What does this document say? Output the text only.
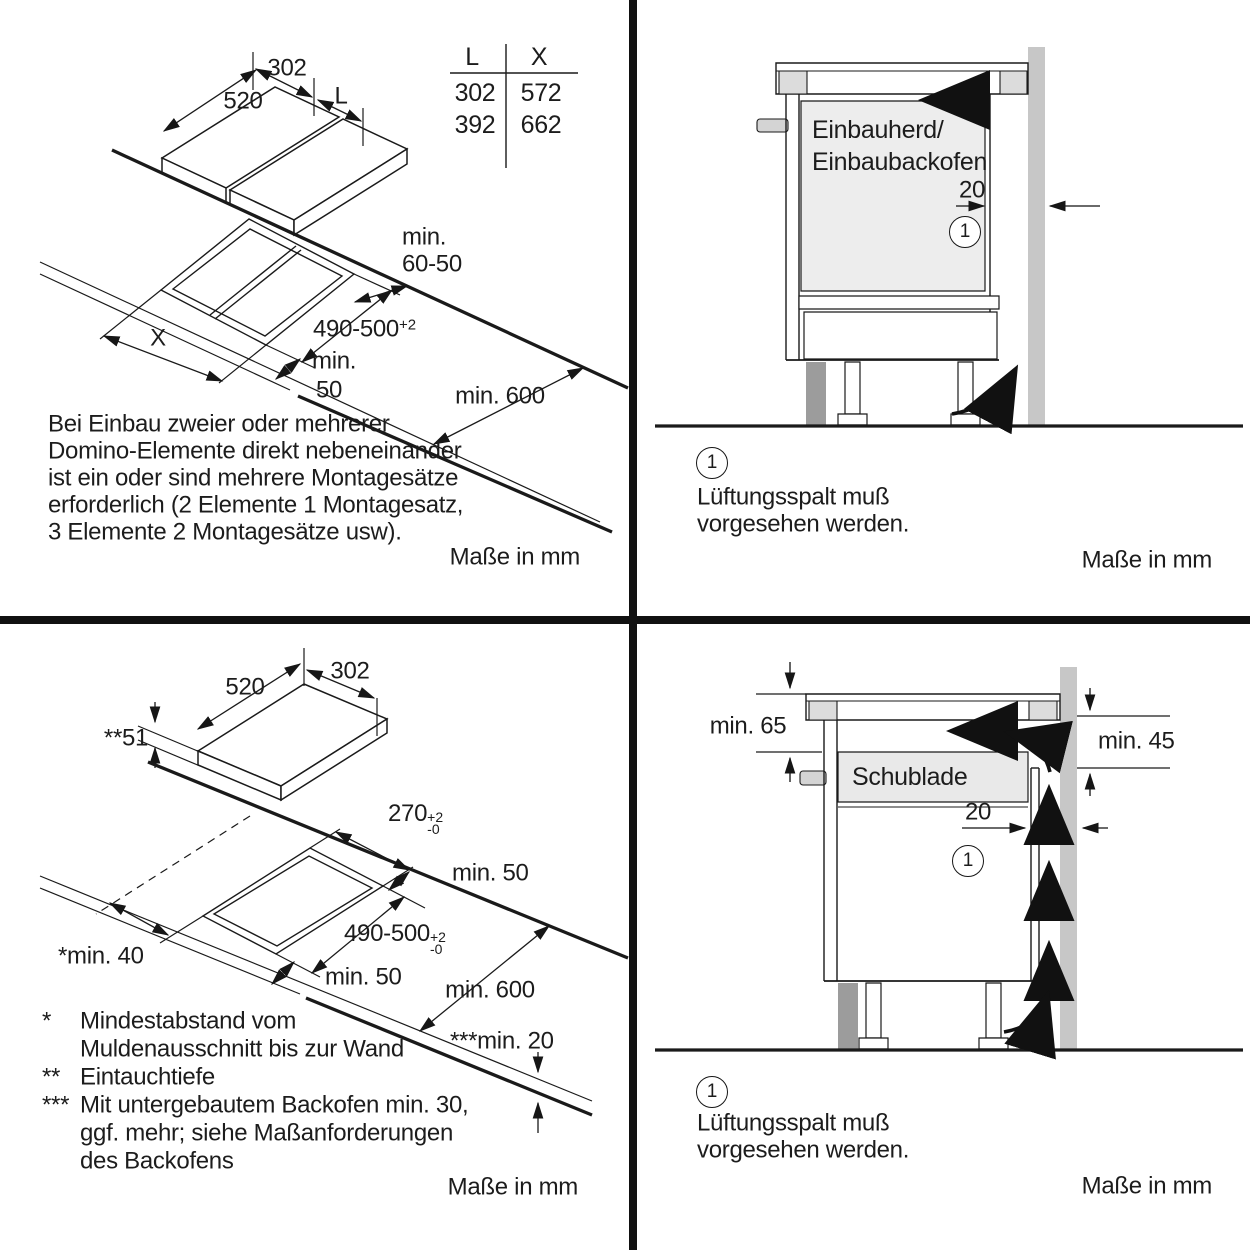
520
302
L
L X
302 572
392 662
min.
60-50
$490-500^{+2}$
min.
50
X
min. 600
Bei Einbau zweier oder mehrerer
Domino-Elemente direkt nebeneinander
ist ein oder sind mehrere Montagesätze
erforderlich (2 Elemente 1 Montagesatz,
3 Elemente 2 Montagesätze usw).
Maße in mm
Einbauherd/
Einbaubackofen
20
1
1
Lüftungsspalt muß
vorgesehen werden.
Maße in mm
520
302
**51
270 +2
-0
min. 50
490-500 +2
-0
*min. 40
min. 50 min. 600
***min. 20
* Mindestabstand vom
Muldenausschnitt bis zur Wand
** Eintauchtiefe
*** Mit untergebautem Backofen min. 30,
ggf. mehr; siehe Maßanforderungen
des Backofens
Maße in mm
min. 65
min. 45
Schublade
20
1
1
Lüftungsspalt muß
vorgesehen werden.
Maße in mm
